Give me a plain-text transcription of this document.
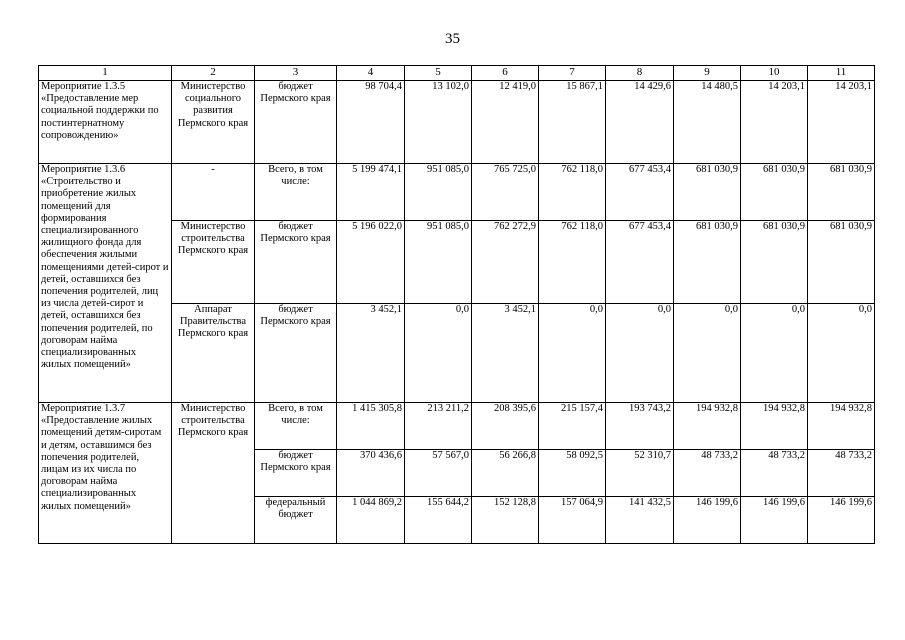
35
1	2	3	4	5	6	7	8	9	10	11
Мероприятие 1.3.5 «Предоставление мер социальной поддержки по постинтернатному сопровождению»	Министерство социального развития Пермского края	бюджет Пермского края	98 704,4	13 102,0	12 419,0	15 867,1	14 429,6	14 480,5	14 203,1	14 203,1
Мероприятие 1.3.6 «Строительство и приобретение жилых помещений для формирования специализированного жилищного фонда для обеспечения жилыми помещениями детей-сирот и детей, оставшихся без попечения родителей, лиц из числа детей-сирот и детей, оставшихся без попечения родителей, по договорам найма специализированных жилых помещений»	-	Всего, в том числе:	5 199 474,1	951 085,0	765 725,0	762 118,0	677 453,4	681 030,9	681 030,9	681 030,9
	Министерство строительства Пермского края	бюджет Пермского края	5 196 022,0	951 085,0	762 272,9	762 118,0	677 453,4	681 030,9	681 030,9	681 030,9
	Аппарат Правительства Пермского края	бюджет Пермского края	3 452,1	0,0	3 452,1	0,0	0,0	0,0	0,0	0,0
Мероприятие 1.3.7 «Предоставление жилых помещений детям-сиротам и детям, оставшимся без попечения родителей, лицам из их числа по договорам найма специализированных жилых помещений»	Министерство строительства Пермского края	Всего, в том числе:	1 415 305,8	213 211,2	208 395,6	215 157,4	193 743,2	194 932,8	194 932,8	194 932,8
		бюджет Пермского края	370 436,6	57 567,0	56 266,8	58 092,5	52 310,7	48 733,2	48 733,2	48 733,2
		федеральный бюджет	1 044 869,2	155 644,2	152 128,8	157 064,9	141 432,5	146 199,6	146 199,6	146 199,6
